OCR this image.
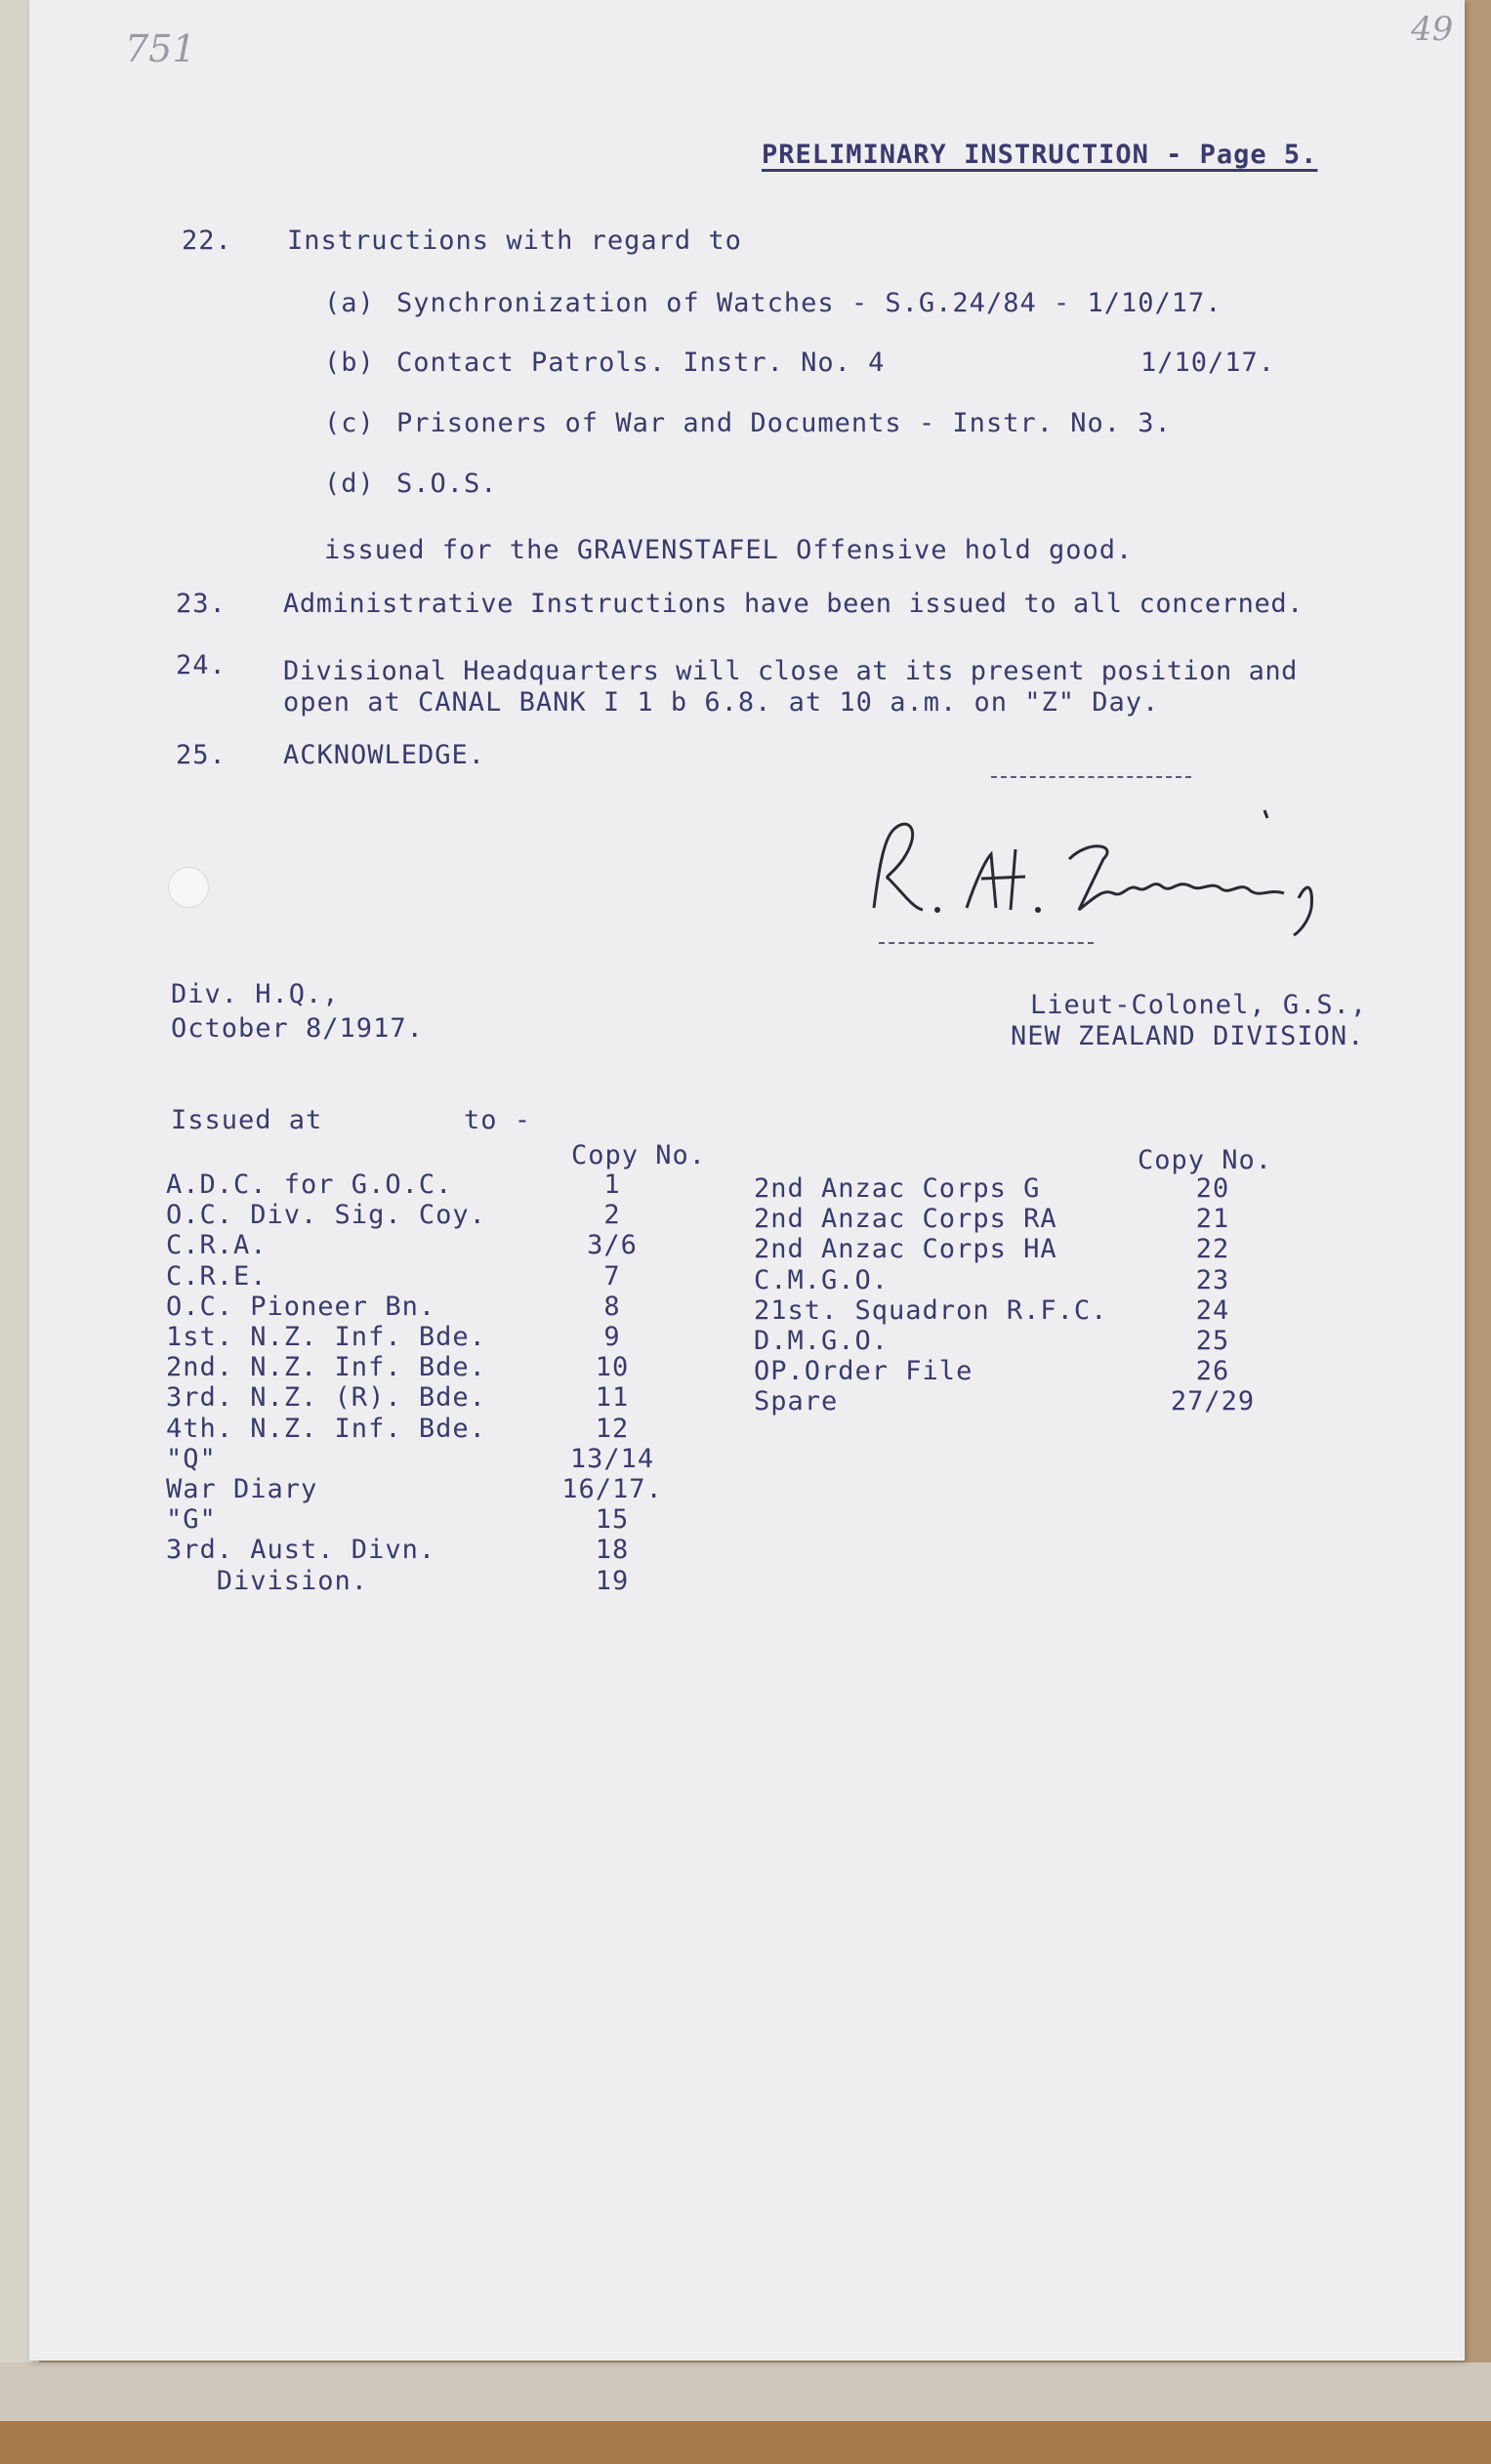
751	49
PRELIMINARY INSTRUCTION - Page 5.
22. Instructions with regard to
(a) Synchronization of Watches - S.G.24/84 - 1/10/17.
(b) Contact Patrols. Instr. No. 4	1/10/17.
(c) Prisoners of War and Documents - Instr. No. 3.
(d) S.O.S.
issued for the GRAVENSTAFEL Offensive hold good.
23. Administrative Instructions have been issued to all concerned.
24. Divisional Headquarters will close at its present position and
open at CANAL BANK I 1 b 6.8. at 10 a.m. on "Z" Day.
25. ACKNOWLEDGE.
Div. H.Q.,
October 8/1917.
Lieut-Colonel, G.S.,
NEW ZEALAND DIVISION.
Issued at	to -
Copy No.	Copy No.
A.D.C. for G.O.C.	1
O.C. Div. Sig. Coy.	2
C.R.A.	3/6
C.R.E.	7
O.C. Pioneer Bn.	8
1st. N.Z. Inf. Bde.	9
2nd. N.Z. Inf. Bde.	10
3rd. N.Z. (R). Bde.	11
4th. N.Z. Inf. Bde.	12
"Q"	13/14
War Diary	16/17.
"G"	15
3rd. Aust. Divn.	18
Division.	19
2nd Anzac Corps G	20
2nd Anzac Corps RA	21
2nd Anzac Corps HA	22
C.M.G.O.	23
21st. Squadron R.F.C.	24
D.M.G.O.	25
OP.Order File	26
Spare	27/29
